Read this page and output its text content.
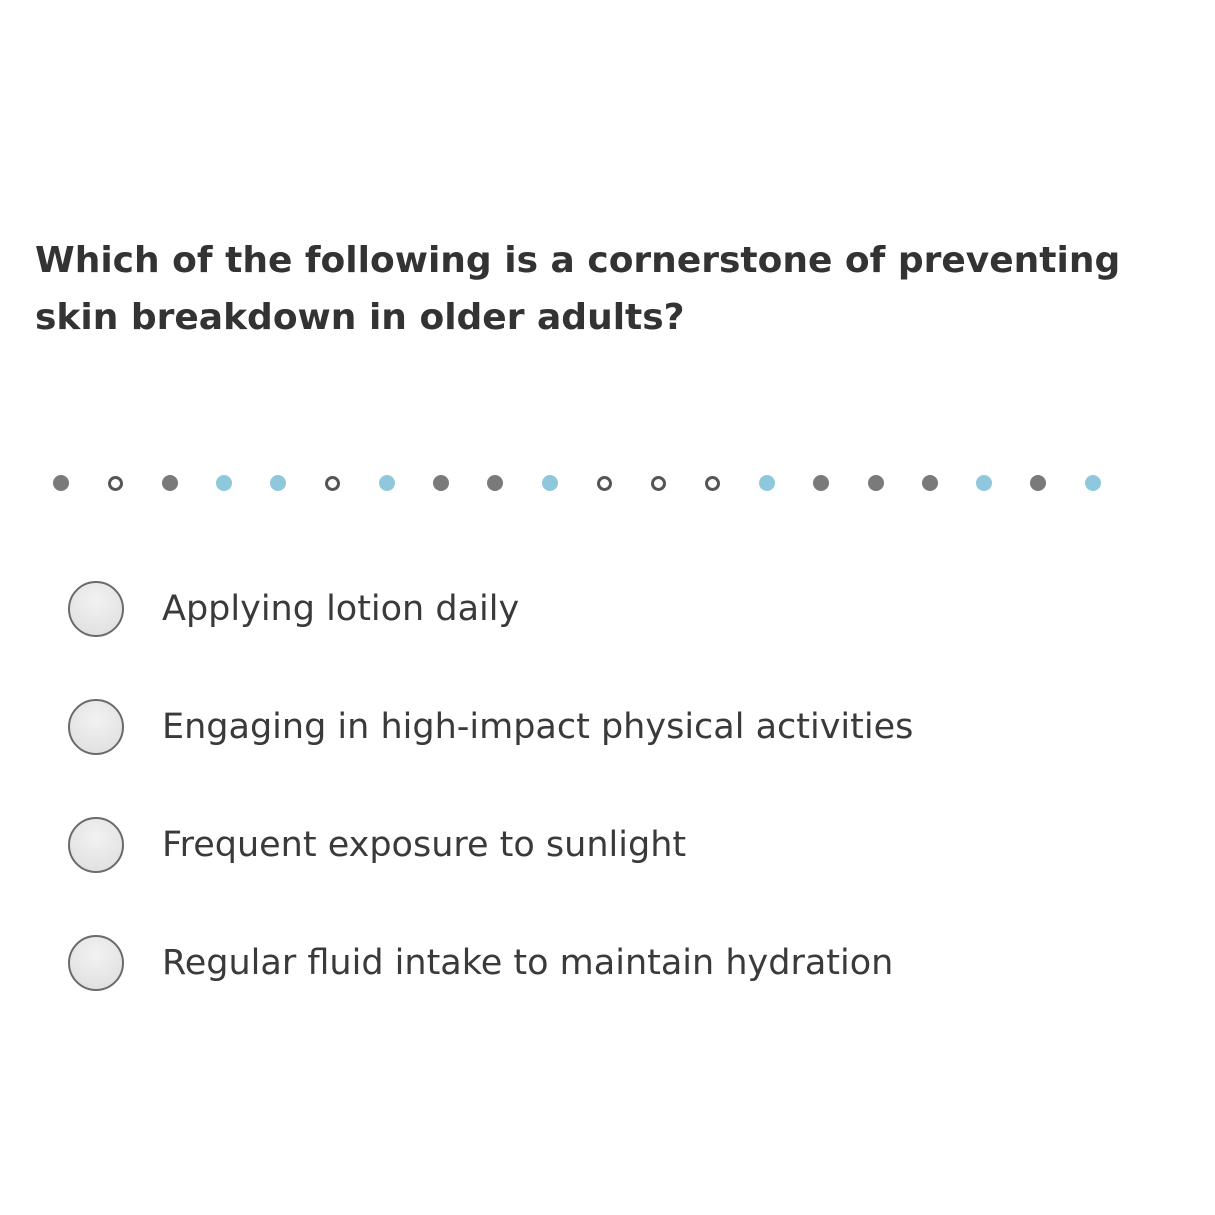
Which of the following is a cornerstone of preventing skin breakdown in older adults?
Applying lotion daily
Engaging in high-impact physical activities
Frequent exposure to sunlight
Regular fluid intake to maintain hydration
